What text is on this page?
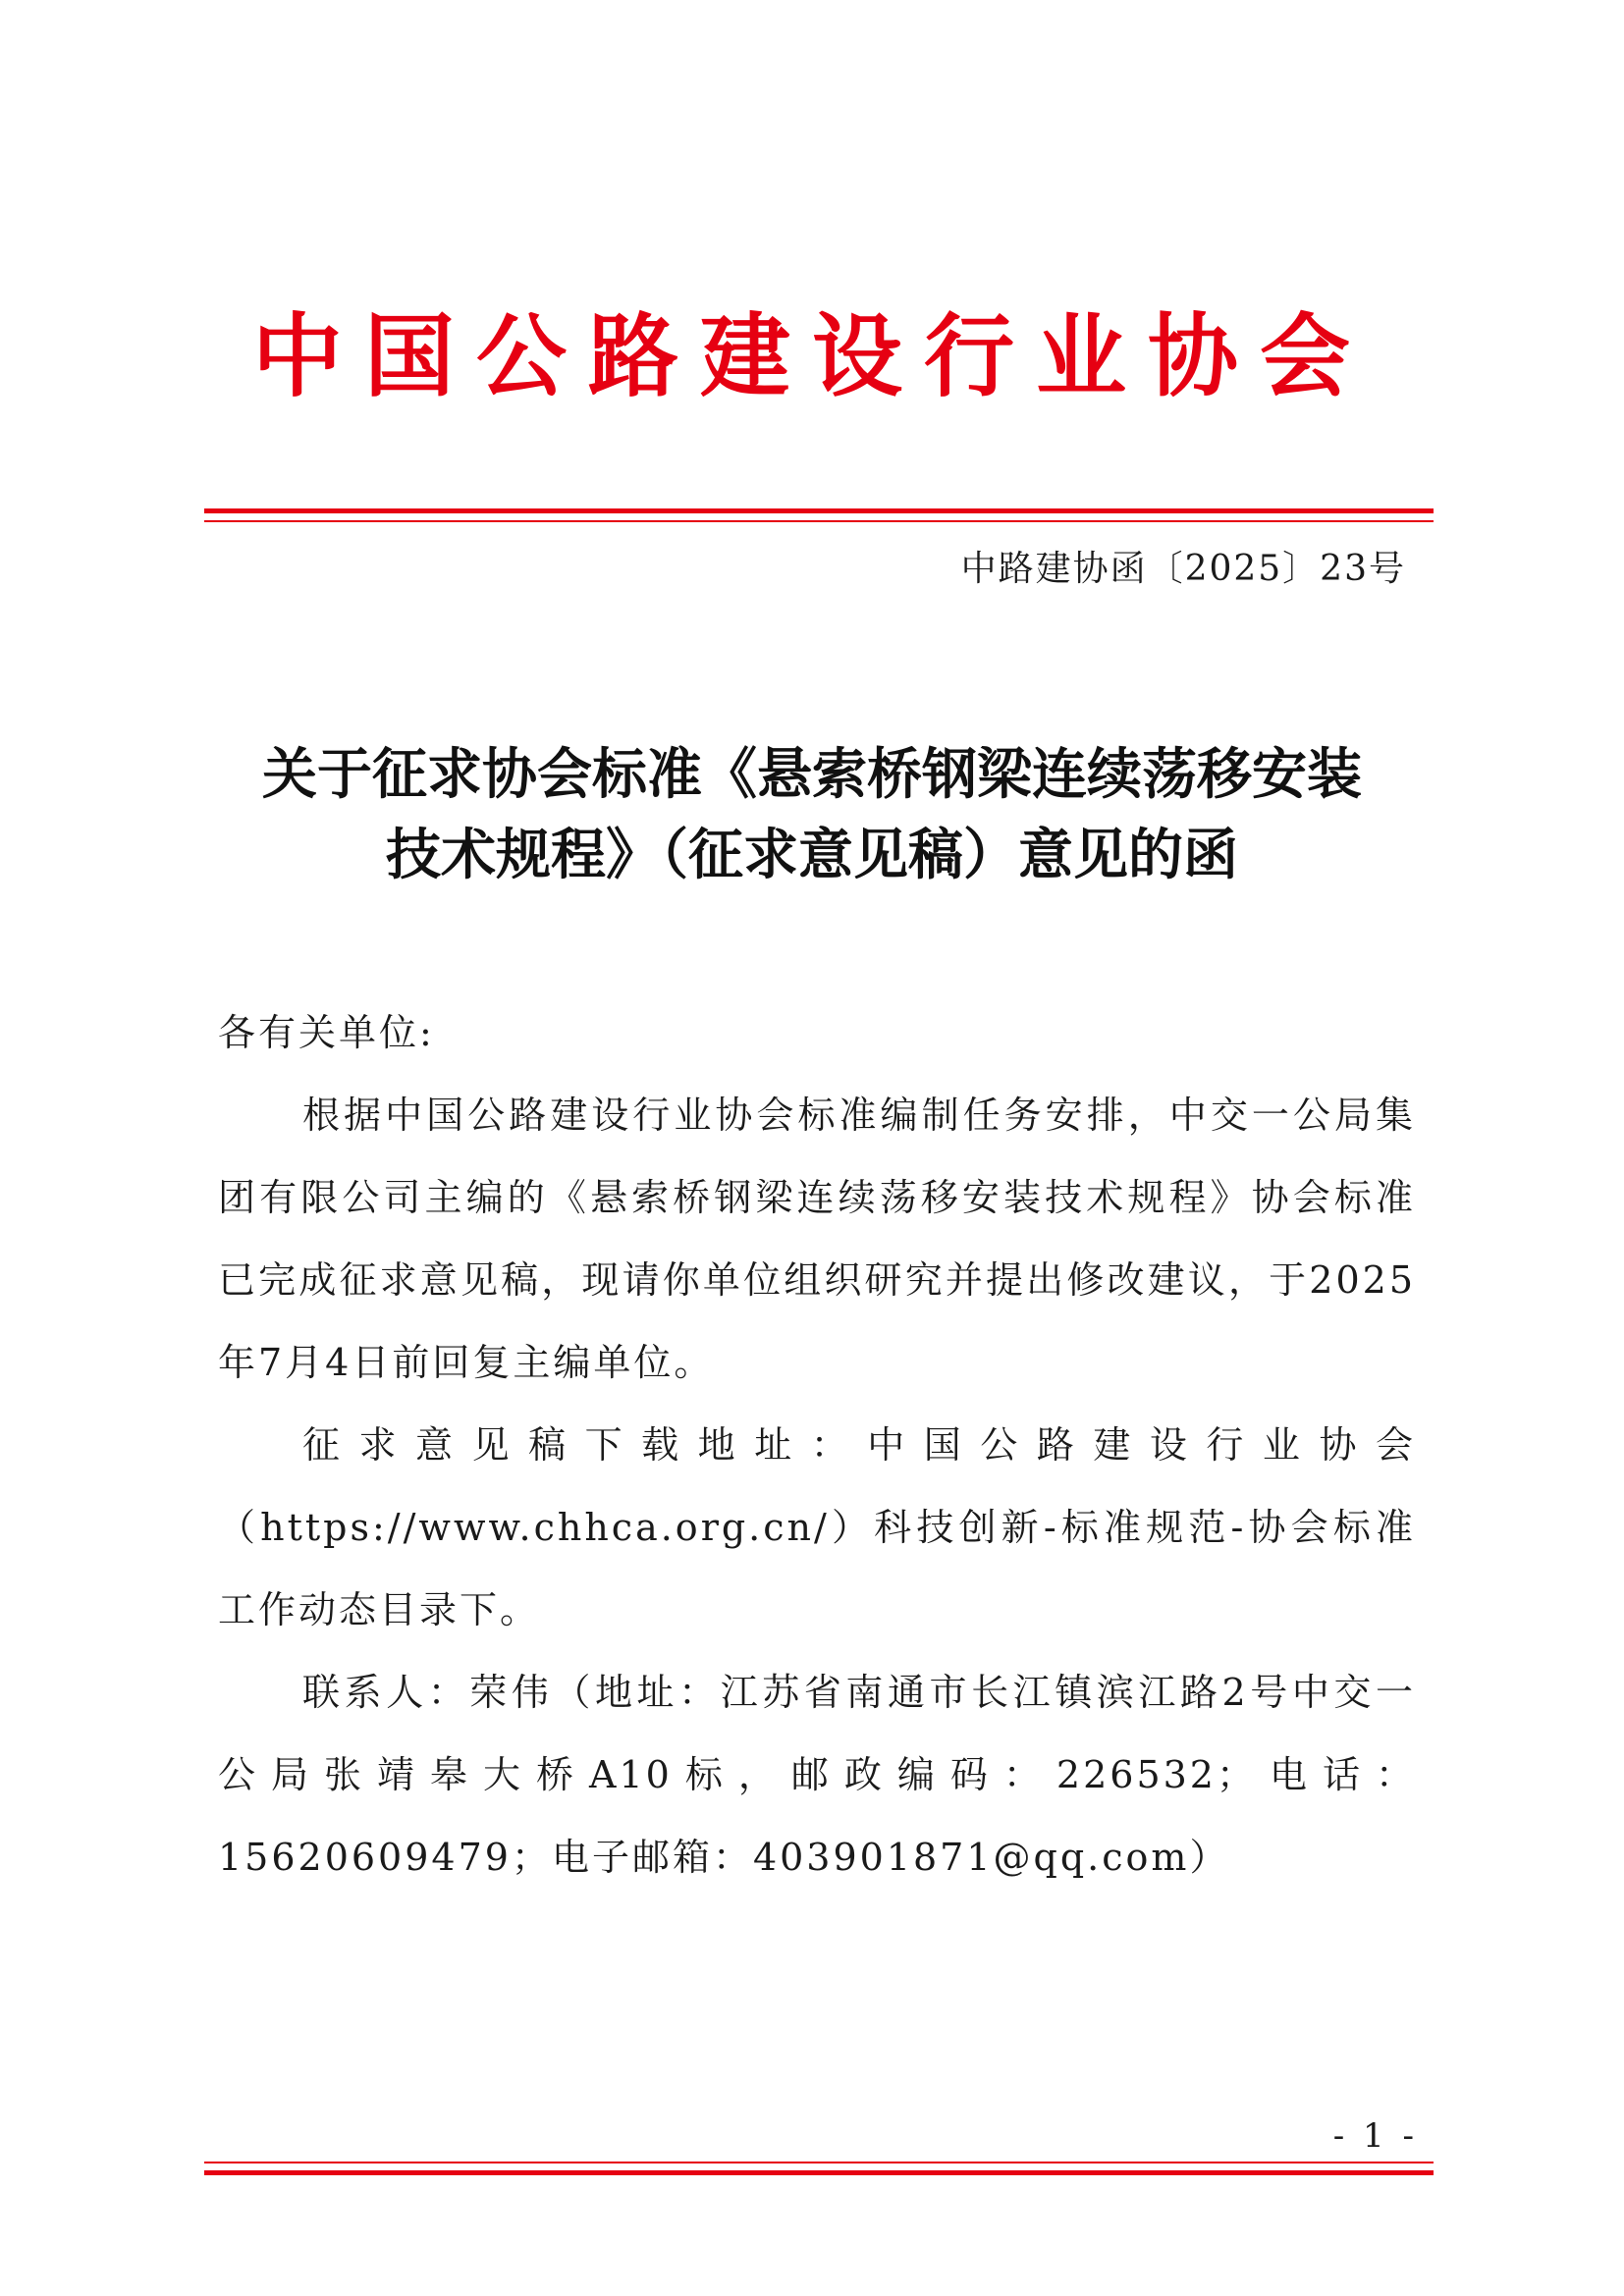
中国公路建设行业协会
中路建协函〔2025〕23号
关于征求协会标准《悬索桥钢梁连续荡移安装
技术规程》（征求意见稿）意见的函

各有关单位:

根据中国公路建设行业协会标准编制任务安排，中交一公局集团有限公司主编的《悬索桥钢梁连续荡移安装技术规程》协会标准已完成征求意见稿，现请你单位组织研究并提出修改建议，于2025年7月4日前回复主编单位。

征求意见稿下载地址：中国公路建设行业协会（https://www.chhca.org.cn/）科技创新-标准规范-协会标准工作动态目录下。

联系人：荣伟（地址：江苏省南通市长江镇滨江路2号中交一公局张靖皋大桥A10标，邮政编码：226532；电话：15620609479；电子邮箱：403901871@qq.com）

- 1 -
